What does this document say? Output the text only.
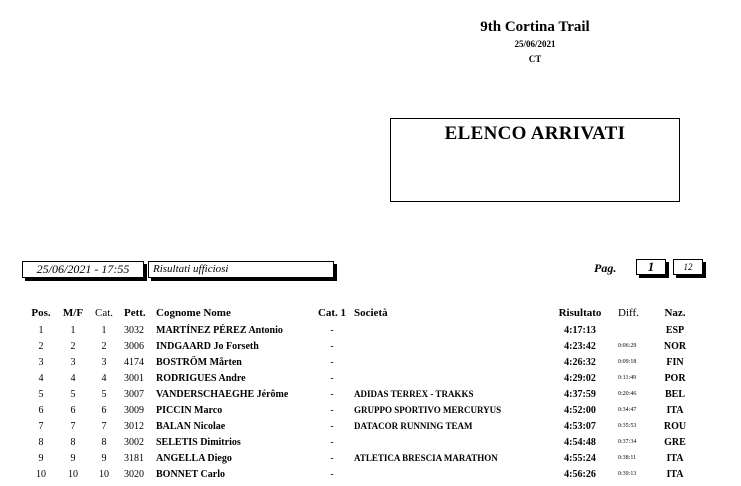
9th Cortina Trail
25/06/2021
CT
ELENCO ARRIVATI
25/06/2021 - 17:55	Risultati ufficiosi	Pag.	1	12
Pos.	M/F	Cat.	Pett.	Cognome Nome	Cat. 1	Società	Risultato	Diff.	Naz.
1	1	1	3032	MARTÍNEZ PÉREZ Antonio	-		4:17:13		ESP
2	2	2	3006	INDGAARD Jo Forseth	-		4:23:42	0:06:29	NOR
3	3	3	4174	BOSTRÖM Mårten	-		4:26:32	0:09:18	FIN
4	4	4	3001	RODRIGUES Andre	-		4:29:02	0:11:49	POR
5	5	5	3007	VANDERSCHAEGHE Jérôme	-	ADIDAS TERREX - TRAKKS	4:37:59	0:20:46	BEL
6	6	6	3009	PICCIN Marco	-	GRUPPO SPORTIVO MERCURYUS	4:52:00	0:34:47	ITA
7	7	7	3012	BALAN Nicolae	-	DATACOR RUNNING TEAM	4:53:07	0:35:53	ROU
8	8	8	3002	SELETIS Dimitrios	-		4:54:48	0:37:34	GRE
9	9	9	3181	ANGELLA Diego	-	ATLETICA BRESCIA MARATHON	4:55:24	0:38:11	ITA
10	10	10	3020	BONNET Carlo	-		4:56:26	0:39:13	ITA
